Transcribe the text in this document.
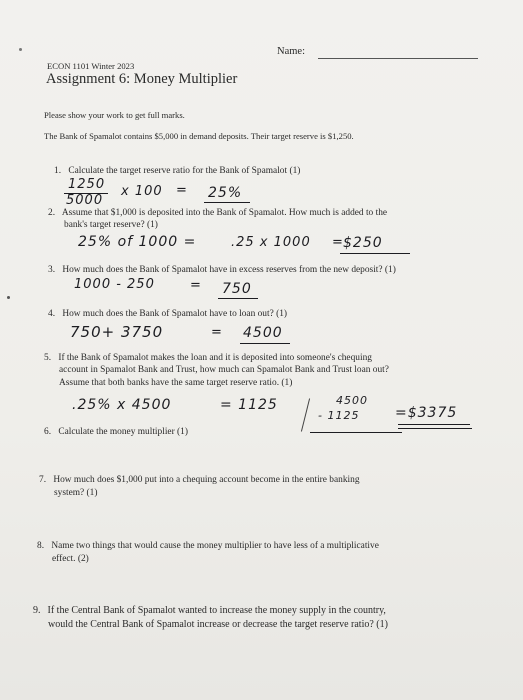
Name:
ECON 1101 Winter 2023
Assignment 6: Money Multiplier
Please show your work to get full marks.
The Bank of Spamalot contains $5,000 in demand deposits. Their target reserve is $1,250.
1. Calculate the target reserve ratio for the Bank of Spamalot (1)
1250
5000
x 100 = 25%
2. Assume that $1,000 is deposited into the Bank of Spamalot. How much is added to the
bank's target reserve? (1)
25% of 1000 =	.25 x 1000 = $250
3. How much does the Bank of Spamalot have in excess reserves from the new deposit? (1)
1000 - 250	= 750
4. How much does the Bank of Spamalot have to loan out? (1)
750+ 3750	= 4500
5. If the Bank of Spamalot makes the loan and it is deposited into someone's chequing
account in Spamalot Bank and Trust, how much can Spamalot Bank and Trust loan out?
Assume that both banks have the same target reserve ratio. (1)
.25% x 4500	= 1125	4500
- 1125	=$3375
6. Calculate the money multiplier (1)
7. How much does $1,000 put into a chequing account become in the entire banking
system? (1)
8. Name two things that would cause the money multiplier to have less of a multiplicative
effect. (2)
9. If the Central Bank of Spamalot wanted to increase the money supply in the country,
would the Central Bank of Spamalot increase or decrease the target reserve ratio? (1)
